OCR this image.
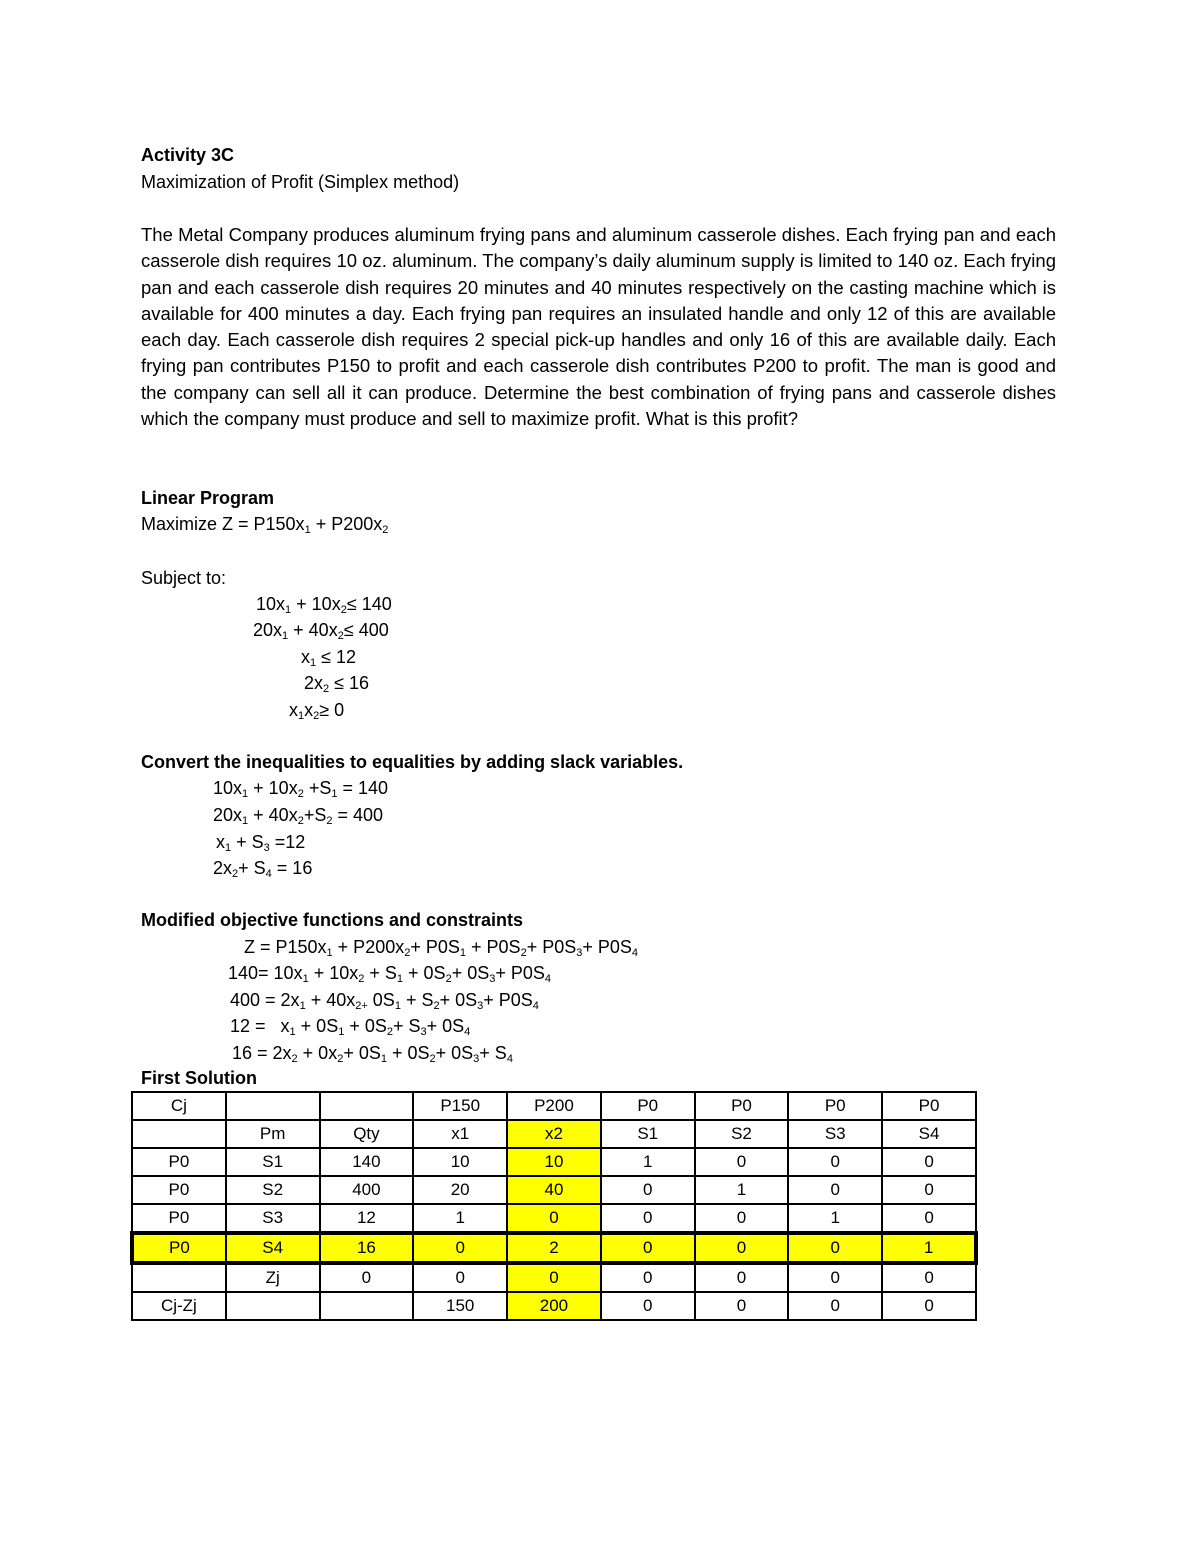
Activity 3C
Maximization of Profit (Simplex method)
The Metal Company produces aluminum frying pans and aluminum casserole dishes. Each frying pan and each casserole dish requires 10 oz. aluminum. The company’s daily aluminum supply is limited to 140 oz. Each frying pan and each casserole dish requires 20 minutes and 40 minutes respectively on the casting machine which is available for 400 minutes a day. Each frying pan requires an insulated handle and only 12 of this are available each day. Each casserole dish requires 2 special pick-up handles and only 16 of this are available daily. Each frying pan contributes P150 to profit and each casserole dish contributes P200 to profit. The man is good and the company can sell all it can produce. Determine the best combination of frying pans and casserole dishes which the company must produce and sell to maximize profit. What is this profit?
Linear Program
Maximize $Z = P150x_1 + P200x_2$
Subject to:
$10x_1 + 10x_2\le 140$
$20x_1 + 40x_2\le 400$
$x_1 \le 12$
$2x_2 \le 16$
$x_1x_2\ge 0$
Convert the inequalities to equalities by adding slack variables.
$10x_1 + 10x_2 +S_1 = 140$
$20x_1 + 40x_2+S_2 = 400$
$x_1 + S_3 =12$
$2x_2+ S_4 = 16$
Modified objective functions and constraints
$Z = P150x_1 + P200x_2+ P0S_1 + P0S_2+ P0S_3+ P0S_4$
$140= 10x_1 + 10x_2 + S_1 + 0S_2+ 0S_3+ P0S_4$
$400 = 2x_1 + 40x_{2+}$ $0S_1 + S_2+ 0S_3+ P0S_4$
$12 = x_1 + 0S_1 + 0S_2+ S_3+ 0S_4$
$16 = 2x_2 + 0x_2+ 0S_1 + 0S_2+ 0S_3+ S_4$
First Solution
Cj			P150	P200	P0	P0	P0	P0
	Pm	Qty	x1	x2	S1	S2	S3	S4
P0	S1	140	10	10	1	0	0	0
P0	S2	400	20	40	0	1	0	0
P0	S3	12	1	0	0	0	1	0
P0	S4	16	0	2	0	0	0	1
	Zj	0	0	0	0	0	0	0
Cj-Zj			150	200	0	0	0	0
